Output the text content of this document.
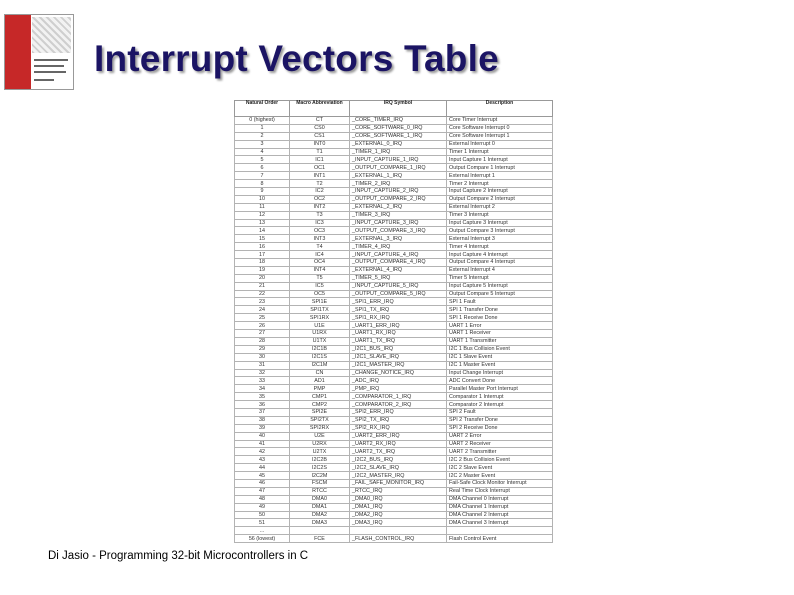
Interrupt Vectors Table
Natural Order	Macro Abbreviation	IRQ Symbol	Description
0 (highest)	CT	_CORE_TIMER_IRQ	Core Timer Interrupt
1	CS0	_CORE_SOFTWARE_0_IRQ	Core Software Interrupt 0
2	CS1	_CORE_SOFTWARE_1_IRQ	Core Software Interrupt 1
3	INT0	_EXTERNAL_0_IRQ	External Interrupt 0
4	T1	_TIMER_1_IRQ	Timer 1 Interrupt
5	IC1	_INPUT_CAPTURE_1_IRQ	Input Capture 1 Interrupt
6	OC1	_OUTPUT_COMPARE_1_IRQ	Output Compare 1 Interrupt
7	INT1	_EXTERNAL_1_IRQ	External Interrupt 1
8	T2	_TIMER_2_IRQ	Timer 2 Interrupt
9	IC2	_INPUT_CAPTURE_2_IRQ	Input Capture 2 Interrupt
10	OC2	_OUTPUT_COMPARE_2_IRQ	Output Compare 2 Interrupt
11	INT2	_EXTERNAL_2_IRQ	External Interrupt 2
12	T3	_TIMER_3_IRQ	Timer 3 Interrupt
13	IC3	_INPUT_CAPTURE_3_IRQ	Input Capture 3 Interrupt
14	OC3	_OUTPUT_COMPARE_3_IRQ	Output Compare 3 Interrupt
15	INT3	_EXTERNAL_3_IRQ	External Interrupt 3
16	T4	_TIMER_4_IRQ	Timer 4 Interrupt
17	IC4	_INPUT_CAPTURE_4_IRQ	Input Capture 4 Interrupt
18	OC4	_OUTPUT_COMPARE_4_IRQ	Output Compare 4 Interrupt
19	INT4	_EXTERNAL_4_IRQ	External Interrupt 4
20	T5	_TIMER_5_IRQ	Timer 5 Interrupt
21	IC5	_INPUT_CAPTURE_5_IRQ	Input Capture 5 Interrupt
22	OC5	_OUTPUT_COMPARE_5_IRQ	Output Compare 5 Interrupt
23	SPI1E	_SPI1_ERR_IRQ	SPI 1 Fault
24	SPI1TX	_SPI1_TX_IRQ	SPI 1 Transfer Done
25	SPI1RX	_SPI1_RX_IRQ	SPI 1 Receive Done
26	U1E	_UART1_ERR_IRQ	UART 1 Error
27	U1RX	_UART1_RX_IRQ	UART 1 Receiver
28	U1TX	_UART1_TX_IRQ	UART 1 Transmitter
29	I2C1B	_I2C1_BUS_IRQ	I2C 1 Bus Collision Event
30	I2C1S	_I2C1_SLAVE_IRQ	I2C 1 Slave Event
31	I2C1M	_I2C1_MASTER_IRQ	I2C 1 Master Event
32	CN	_CHANGE_NOTICE_IRQ	Input Change Interrupt
33	AD1	_ADC_IRQ	ADC Convert Done
34	PMP	_PMP_IRQ	Parallel Master Port Interrupt
35	CMP1	_COMPARATOR_1_IRQ	Comparator 1 Interrupt
36	CMP2	_COMPARATOR_2_IRQ	Comparator 2 Interrupt
37	SPI2E	_SPI2_ERR_IRQ	SPI 2 Fault
38	SPI2TX	_SPI2_TX_IRQ	SPI 2 Transfer Done
39	SPI2RX	_SPI2_RX_IRQ	SPI 2 Receive Done
40	U2E	_UART2_ERR_IRQ	UART 2 Error
41	U2RX	_UART2_RX_IRQ	UART 2 Receiver
42	U2TX	_UART2_TX_IRQ	UART 2 Transmitter
43	I2C2B	_I2C2_BUS_IRQ	I2C 2 Bus Collision Event
44	I2C2S	_I2C2_SLAVE_IRQ	I2C 2 Slave Event
45	I2C2M	_I2C2_MASTER_IRQ	I2C 2 Master Event
46	FSCM	_FAIL_SAFE_MONITOR_IRQ	Fail-Safe Clock Monitor Interrupt
47	RTCC	_RTCC_IRQ	Real Time Clock Interrupt
48	DMA0	_DMA0_IRQ	DMA Channel 0 Interrupt
49	DMA1	_DMA1_IRQ	DMA Channel 1 Interrupt
50	DMA2	_DMA2_IRQ	DMA Channel 2 Interrupt
51	DMA3	_DMA3_IRQ	DMA Channel 3 Interrupt
...			
56 (lowest)	FCE	_FLASH_CONTROL_IRQ	Flash Control Event
Di Jasio - Programming 32-bit Microcontrollers in C
